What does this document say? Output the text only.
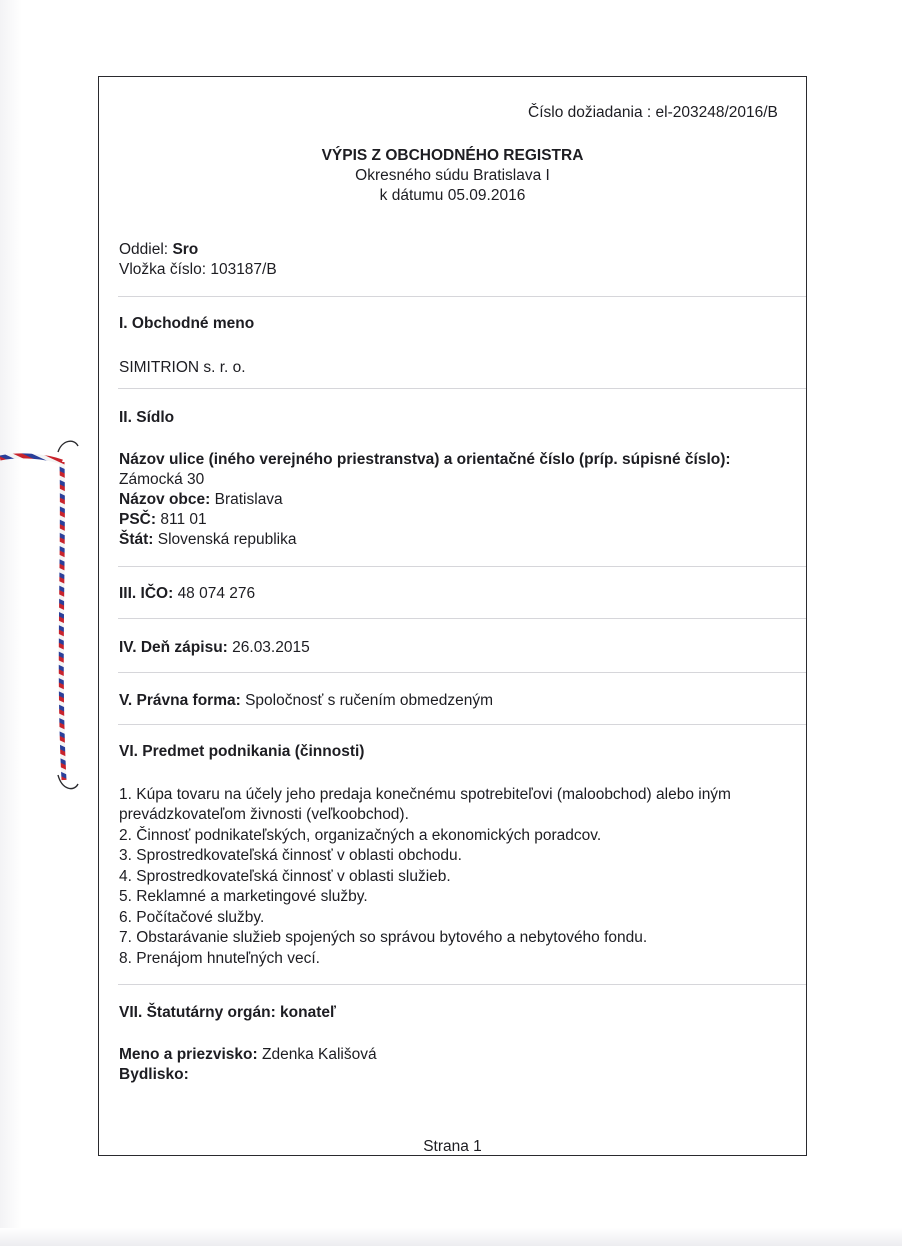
Číslo dožiadania : el-203248/2016/B
VÝPIS Z OBCHODNÉHO REGISTRA
Okresného súdu Bratislava I
k dátumu 05.09.2016
Oddiel: Sro
Vložka číslo: 103187/B
I. Obchodné meno
SIMITRION s. r. o.
II. Sídlo
Názov ulice (iného verejného priestranstva) a orientačné číslo (príp. súpisné číslo):
Zámocká 30
Názov obce: Bratislava
PSČ: 811 01
Štát: Slovenská republika
III. IČO: 48 074 276
IV. Deň zápisu: 26.03.2015
V. Právna forma: Spoločnosť s ručením obmedzeným
VI. Predmet podnikania (činnosti)
1. Kúpa tovaru na účely jeho predaja konečnému spotrebiteľovi (maloobchod) alebo iným
prevádzkovateľom živnosti (veľkoobchod).
2. Činnosť podnikateľských, organizačných a ekonomických poradcov.
3. Sprostredkovateľská činnosť v oblasti obchodu.
4. Sprostredkovateľská činnosť v oblasti služieb.
5. Reklamné a marketingové služby.
6. Počítačové služby.
7. Obstarávanie služieb spojených so správou bytového a nebytového fondu.
8. Prenájom hnuteľných vecí.
VII. Štatutárny orgán: konateľ
Meno a priezvisko: Zdenka Kališová
Bydlisko:
Strana 1
